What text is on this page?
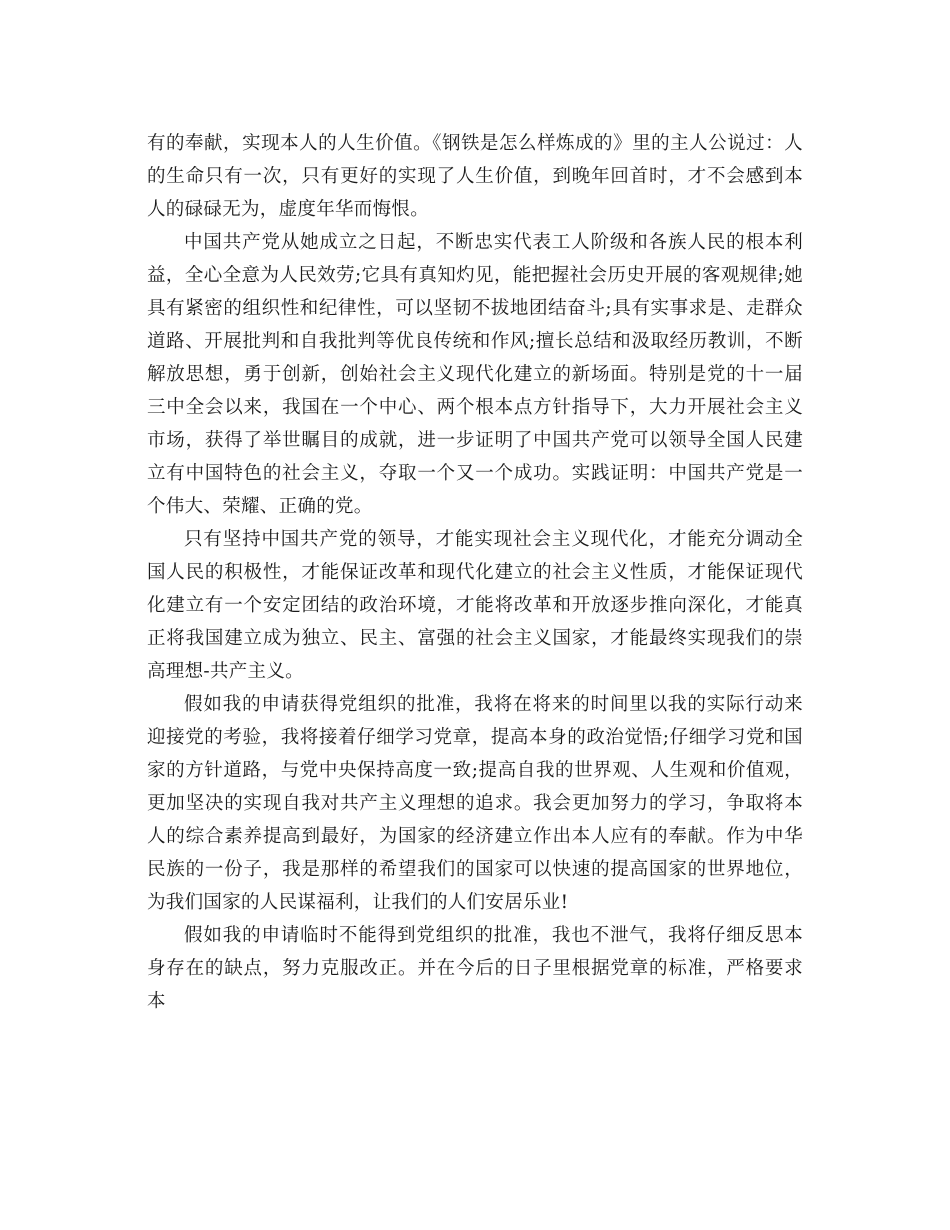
有的奉献，实现本人的人生价值。《钢铁是怎么样炼成的》里的主人公说过：人的生命只有一次，只有更好的实现了人生价值，到晚年回首时，才不会感到本人的碌碌无为，虚度年华而悔恨。

中国共产党从她成立之日起，不断忠实代表工人阶级和各族人民的根本利益，全心全意为人民效劳;它具有真知灼见，能把握社会历史开展的客观规律;她具有紧密的组织性和纪律性，可以坚韧不拔地团结奋斗;具有实事求是、走群众道路、开展批判和自我批判等优良传统和作风;擅长总结和汲取经历教训，不断解放思想，勇于创新，创始社会主义现代化建立的新场面。特别是党的十一届三中全会以来，我国在一个中心、两个根本点方针指导下，大力开展社会主义市场，获得了举世瞩目的成就，进一步证明了中国共产党可以领导全国人民建立有中国特色的社会主义，夺取一个又一个成功。实践证明：中国共产党是一个伟大、荣耀、正确的党。

只有坚持中国共产党的领导，才能实现社会主义现代化，才能充分调动全国人民的积极性，才能保证改革和现代化建立的社会主义性质，才能保证现代化建立有一个安定团结的政治环境，才能将改革和开放逐步推向深化，才能真正将我国建立成为独立、民主、富强的社会主义国家，才能最终实现我们的崇高理想-共产主义。

假如我的申请获得党组织的批准，我将在将来的时间里以我的实际行动来迎接党的考验，我将接着仔细学习党章，提高本身的政治觉悟;仔细学习党和国家的方针道路，与党中央保持高度一致;提高自我的世界观、人生观和价值观，更加坚决的实现自我对共产主义理想的追求。我会更加努力的学习，争取将本人的综合素养提高到最好，为国家的经济建立作出本人应有的奉献。作为中华民族的一份子，我是那样的希望我们的国家可以快速的提高国家的世界地位，为我们国家的人民谋福利，让我们的人们安居乐业!

假如我的申请临时不能得到党组织的批准，我也不泄气，我将仔细反思本身存在的缺点，努力克服改正。并在今后的日子里根据党章的标准，严格要求本
